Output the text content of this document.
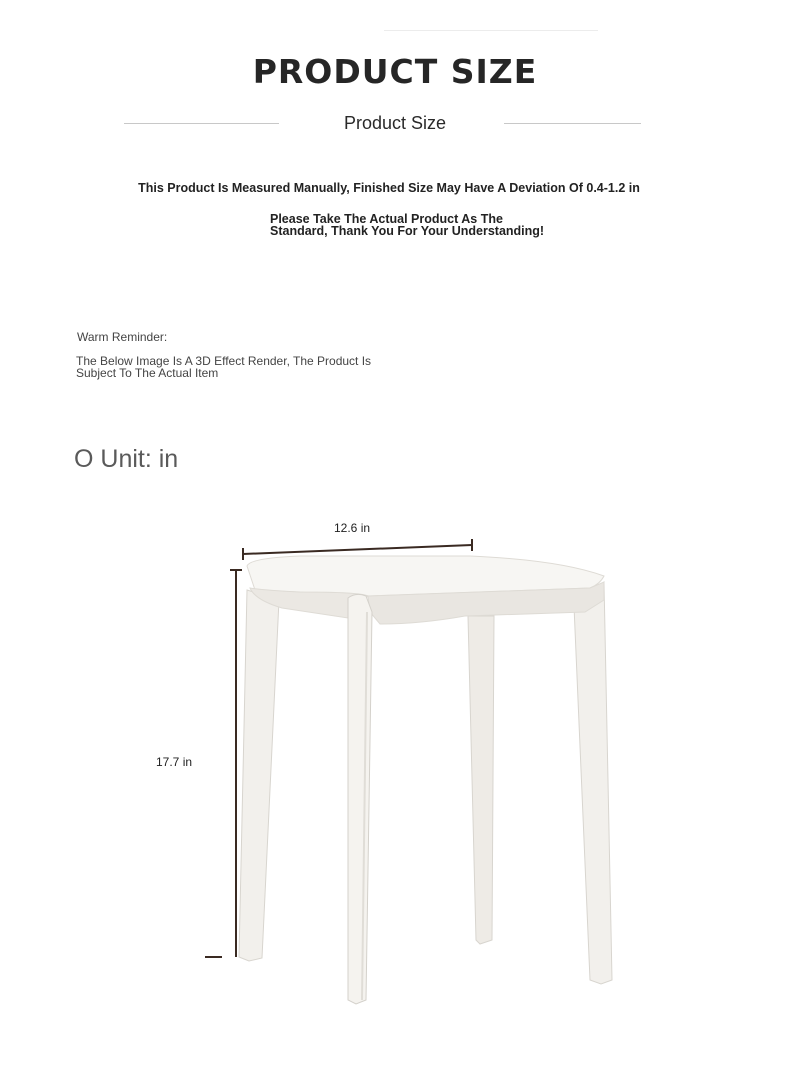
PRODUCT SIZE
Product Size
This Product Is Measured Manually, Finished Size May Have A Deviation Of 0.4-1.2 in
Please Take The Actual Product As The
Standard, Thank You For Your Understanding!
Warm Reminder:
The Below Image Is A 3D Effect Render, The Product Is
Subject To The Actual Item
O Unit: in
12.6 in
17.7 in
